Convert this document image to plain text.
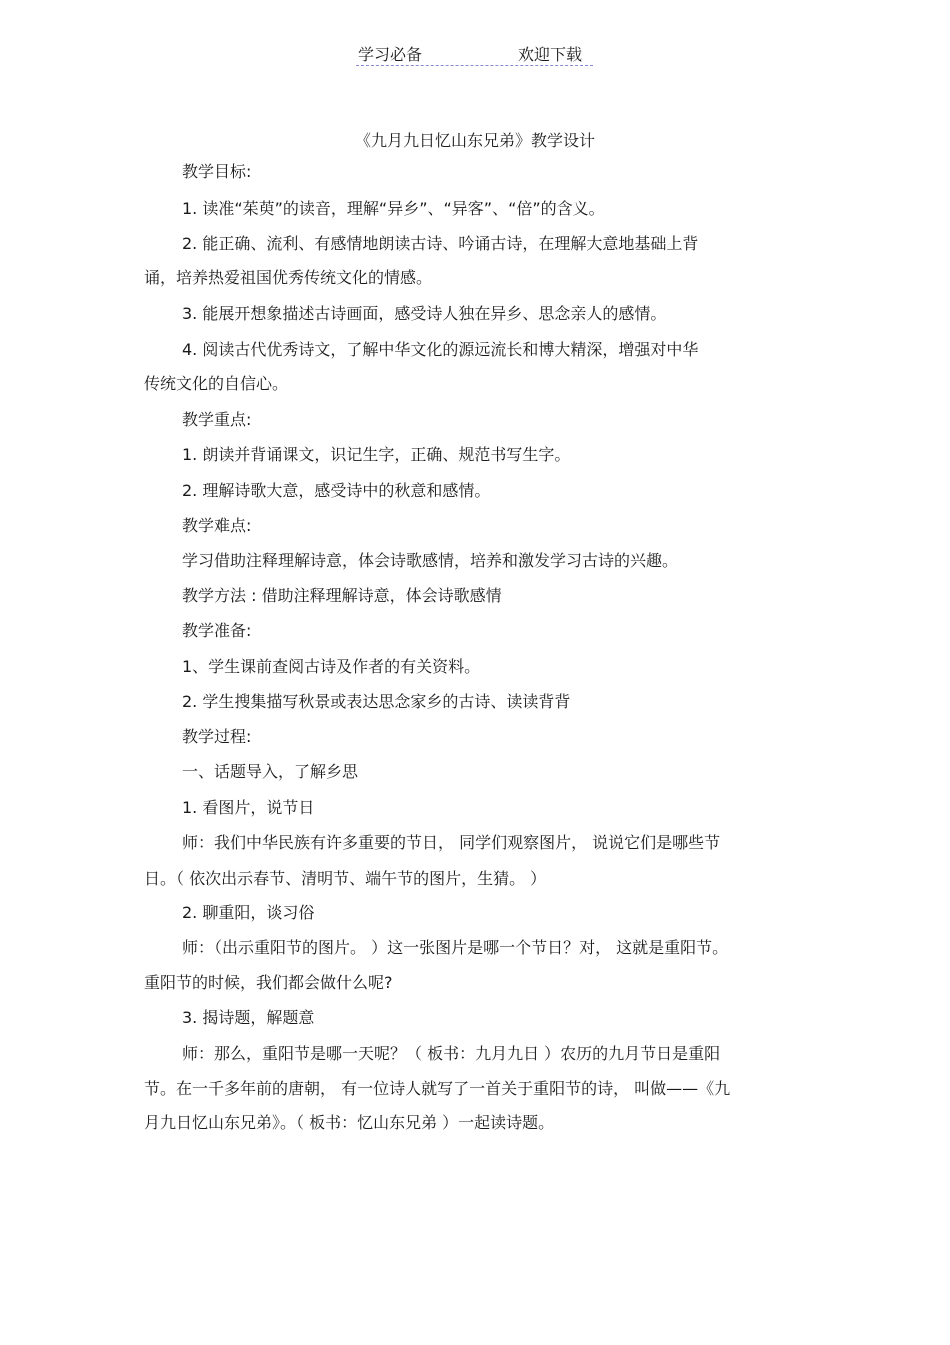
学习必备	欢迎下载
《九月九日忆山东兄弟》教学设计
教学目标:
1. 读准“茱萸”的读音，理解“异乡”、“异客”、“倍”的含义。
2. 能正确、流利、有感情地朗读古诗、吟诵古诗，在理解大意地基础上背
诵，培养热爱祖国优秀传统文化的情感。
3. 能展开想象描述古诗画面，感受诗人独在异乡、思念亲人的感情。
4. 阅读古代优秀诗文，了解中华文化的源远流长和博大精深，增强对中华
传统文化的自信心。
教学重点:
1. 朗读并背诵课文，识记生字，正确、规范书写生字。
2. 理解诗歌大意，感受诗中的秋意和感情。
教学难点:
学习借助注释理解诗意，体会诗歌感情，培养和激发学习古诗的兴趣。
教学方法 : 借助注释理解诗意，体会诗歌感情
教学准备:
1、学生课前查阅古诗及作者的有关资料。
2. 学生搜集描写秋景或表达思念家乡的古诗、读读背背
教学过程:
一、话题导入，了解乡思
1. 看图片，说节日
师：我们中华民族有许多重要的节日， 同学们观察图片， 说说它们是哪些节
日。（ 依次出示春节、清明节、端午节的图片，生猜。 ）
2. 聊重阳，谈习俗
师：（出示重阳节的图片。 ）这一张图片是哪一个节日？对， 这就是重阳节。
重阳节的时候，我们都会做什么呢?
3. 揭诗题，解题意
师：那么，重阳节是哪一天呢？（ 板书：九月九日 ）农历的九月节日是重阳
节。在一千多年前的唐朝， 有一位诗人就写了一首关于重阳节的诗， 叫做——《九
月九日忆山东兄弟》。（ 板书：忆山东兄弟 ）一起读诗题。
